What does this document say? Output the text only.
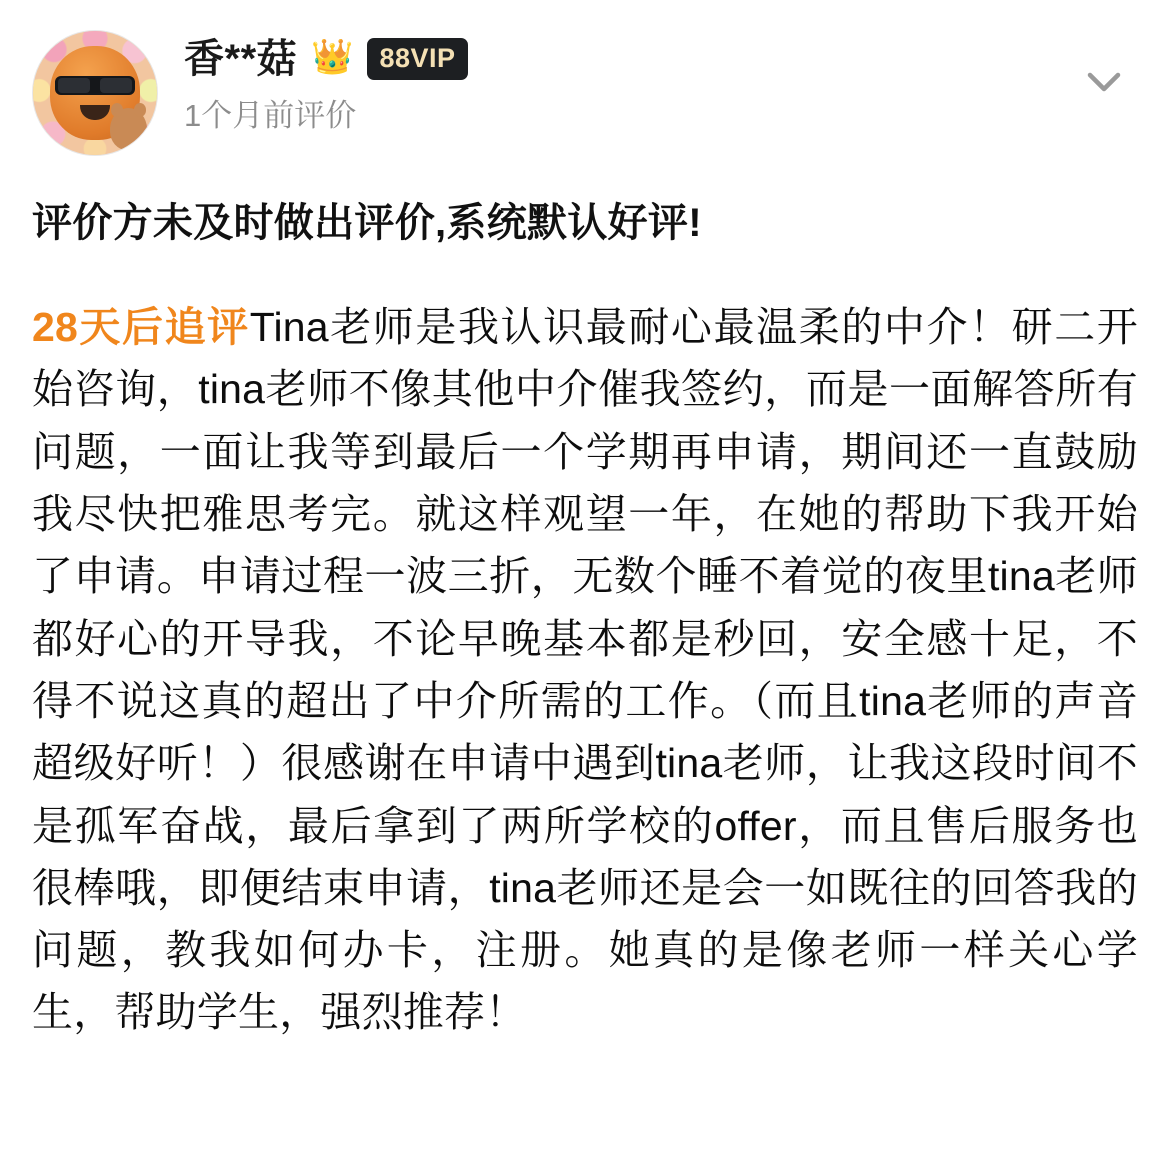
香**菇 👑 88VIP
1个月前评价
评价方未及时做出评价,系统默认好评!
28天后追评Tina老师是我认识最耐心最温柔的中介！研二开始咨询，tina老师不像其他中介催我签约，而是一面解答所有问题，一面让我等到最后一个学期再申请，期间还一直鼓励我尽快把雅思考完。就这样观望一年，在她的帮助下我开始了申请。申请过程一波三折，无数个睡不着觉的夜里tina老师都好心的开导我，不论早晚基本都是秒回，安全感十足，不得不说这真的超出了中介所需的工作。（而且tina老师的声音超级好听！）很感谢在申请中遇到tina老师，让我这段时间不是孤军奋战，最后拿到了两所学校的offer，而且售后服务也很棒哦，即便结束申请，tina老师还是会一如既往的回答我的问题，教我如何办卡，注册。她真的是像老师一样关心学生，帮助学生，强烈推荐！
